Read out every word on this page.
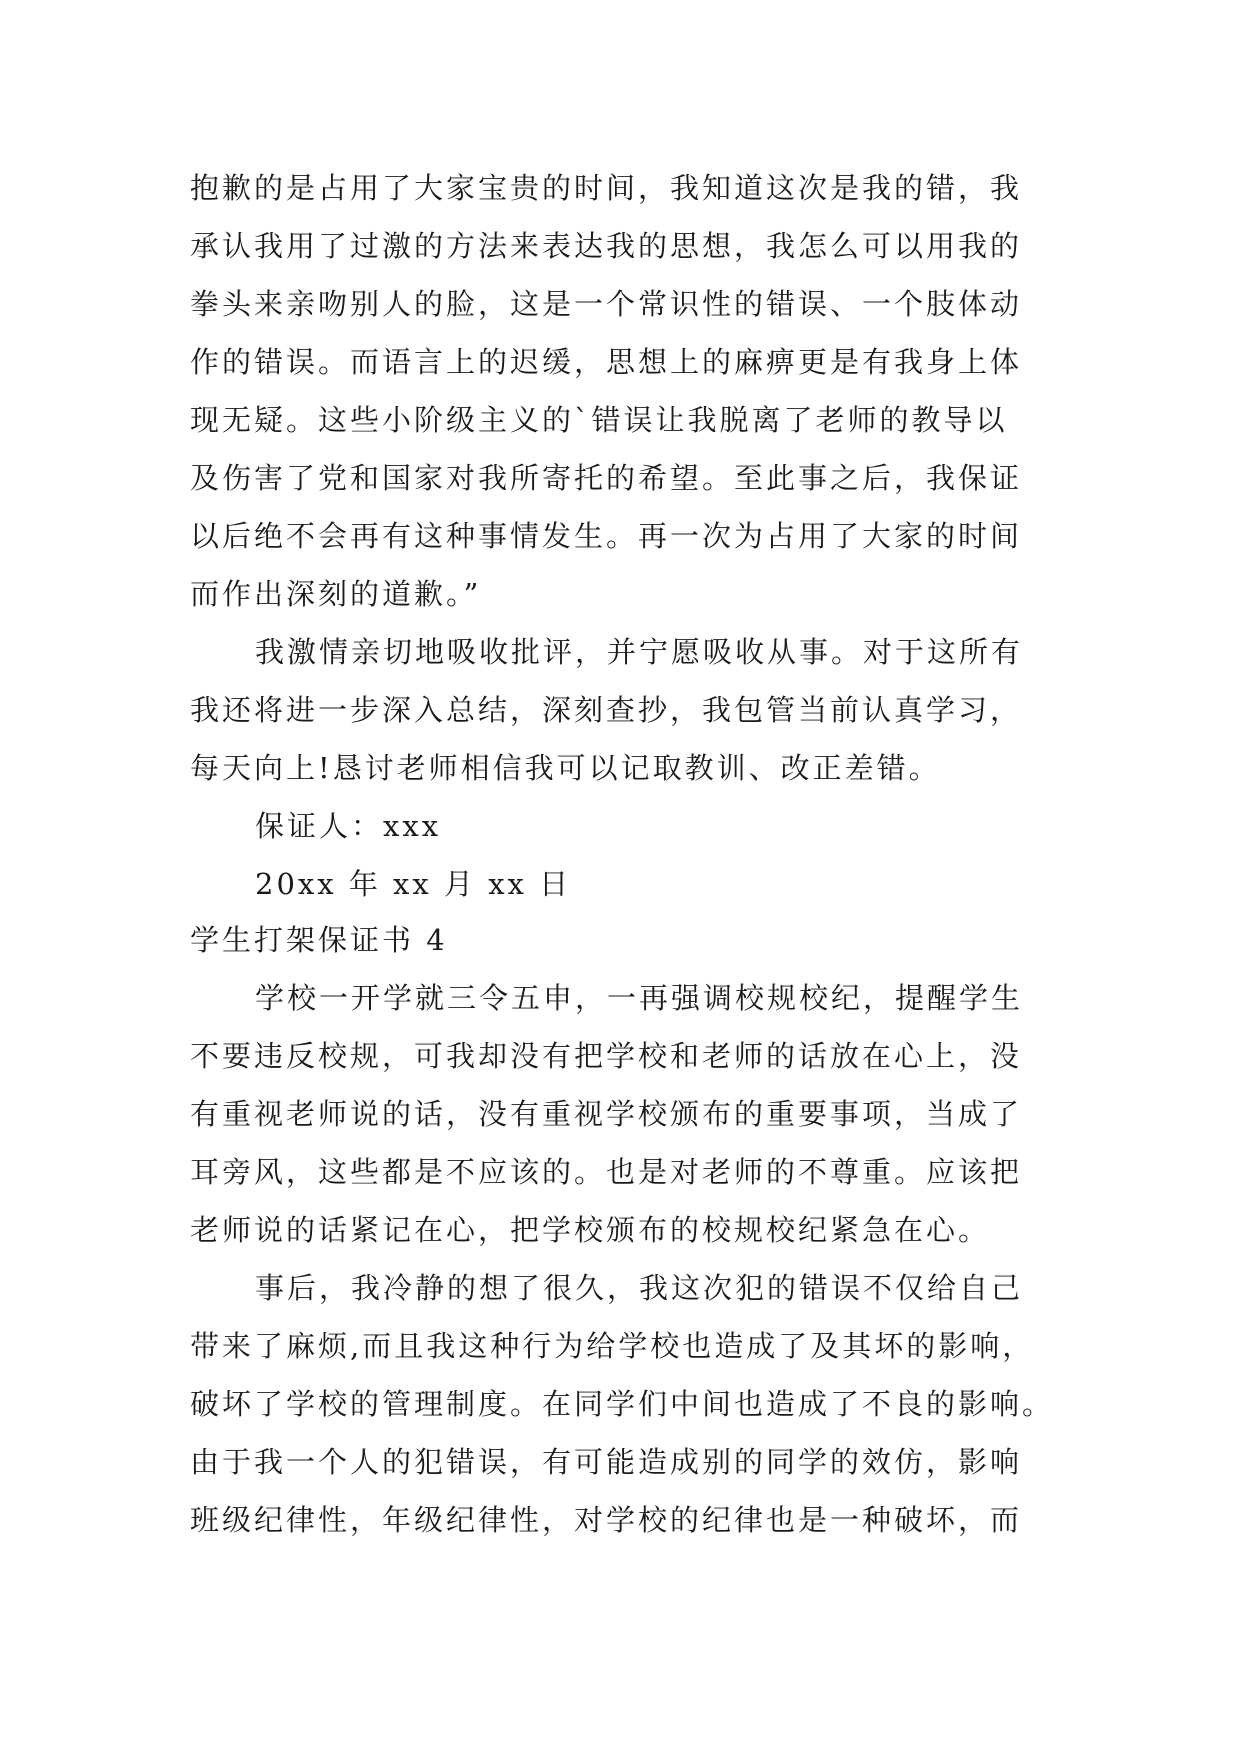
抱歉的是占用了大家宝贵的时间，我知道这次是我的错，我
承认我用了过激的方法来表达我的思想，我怎么可以用我的
拳头来亲吻别人的脸，这是一个常识性的错误、一个肢体动
作的错误。而语言上的迟缓，思想上的麻痹更是有我身上体
现无疑。这些小阶级主义的`错误让我脱离了老师的教导以
及伤害了党和国家对我所寄托的希望。至此事之后，我保证
以后绝不会再有这种事情发生。再一次为占用了大家的时间
而作出深刻的道歉。”
我激情亲切地吸收批评，并宁愿吸收从事。对于这所有
我还将进一步深入总结，深刻查抄，我包管当前认真学习，
每天向上!恳讨老师相信我可以记取教训、改正差错。
保证人：xxx
20xx 年 xx 月 xx 日
学生打架保证书 4
学校一开学就三令五申，一再强调校规校纪，提醒学生
不要违反校规，可我却没有把学校和老师的话放在心上，没
有重视老师说的话，没有重视学校颁布的重要事项，当成了
耳旁风，这些都是不应该的。也是对老师的不尊重。应该把
老师说的话紧记在心，把学校颁布的校规校纪紧急在心。
事后，我冷静的想了很久，我这次犯的错误不仅给自己
带来了麻烦,而且我这种行为给学校也造成了及其坏的影响，
破坏了学校的管理制度。在同学们中间也造成了不良的影响。
由于我一个人的犯错误，有可能造成别的同学的效仿，影响
班级纪律性，年级纪律性，对学校的纪律也是一种破坏，而
